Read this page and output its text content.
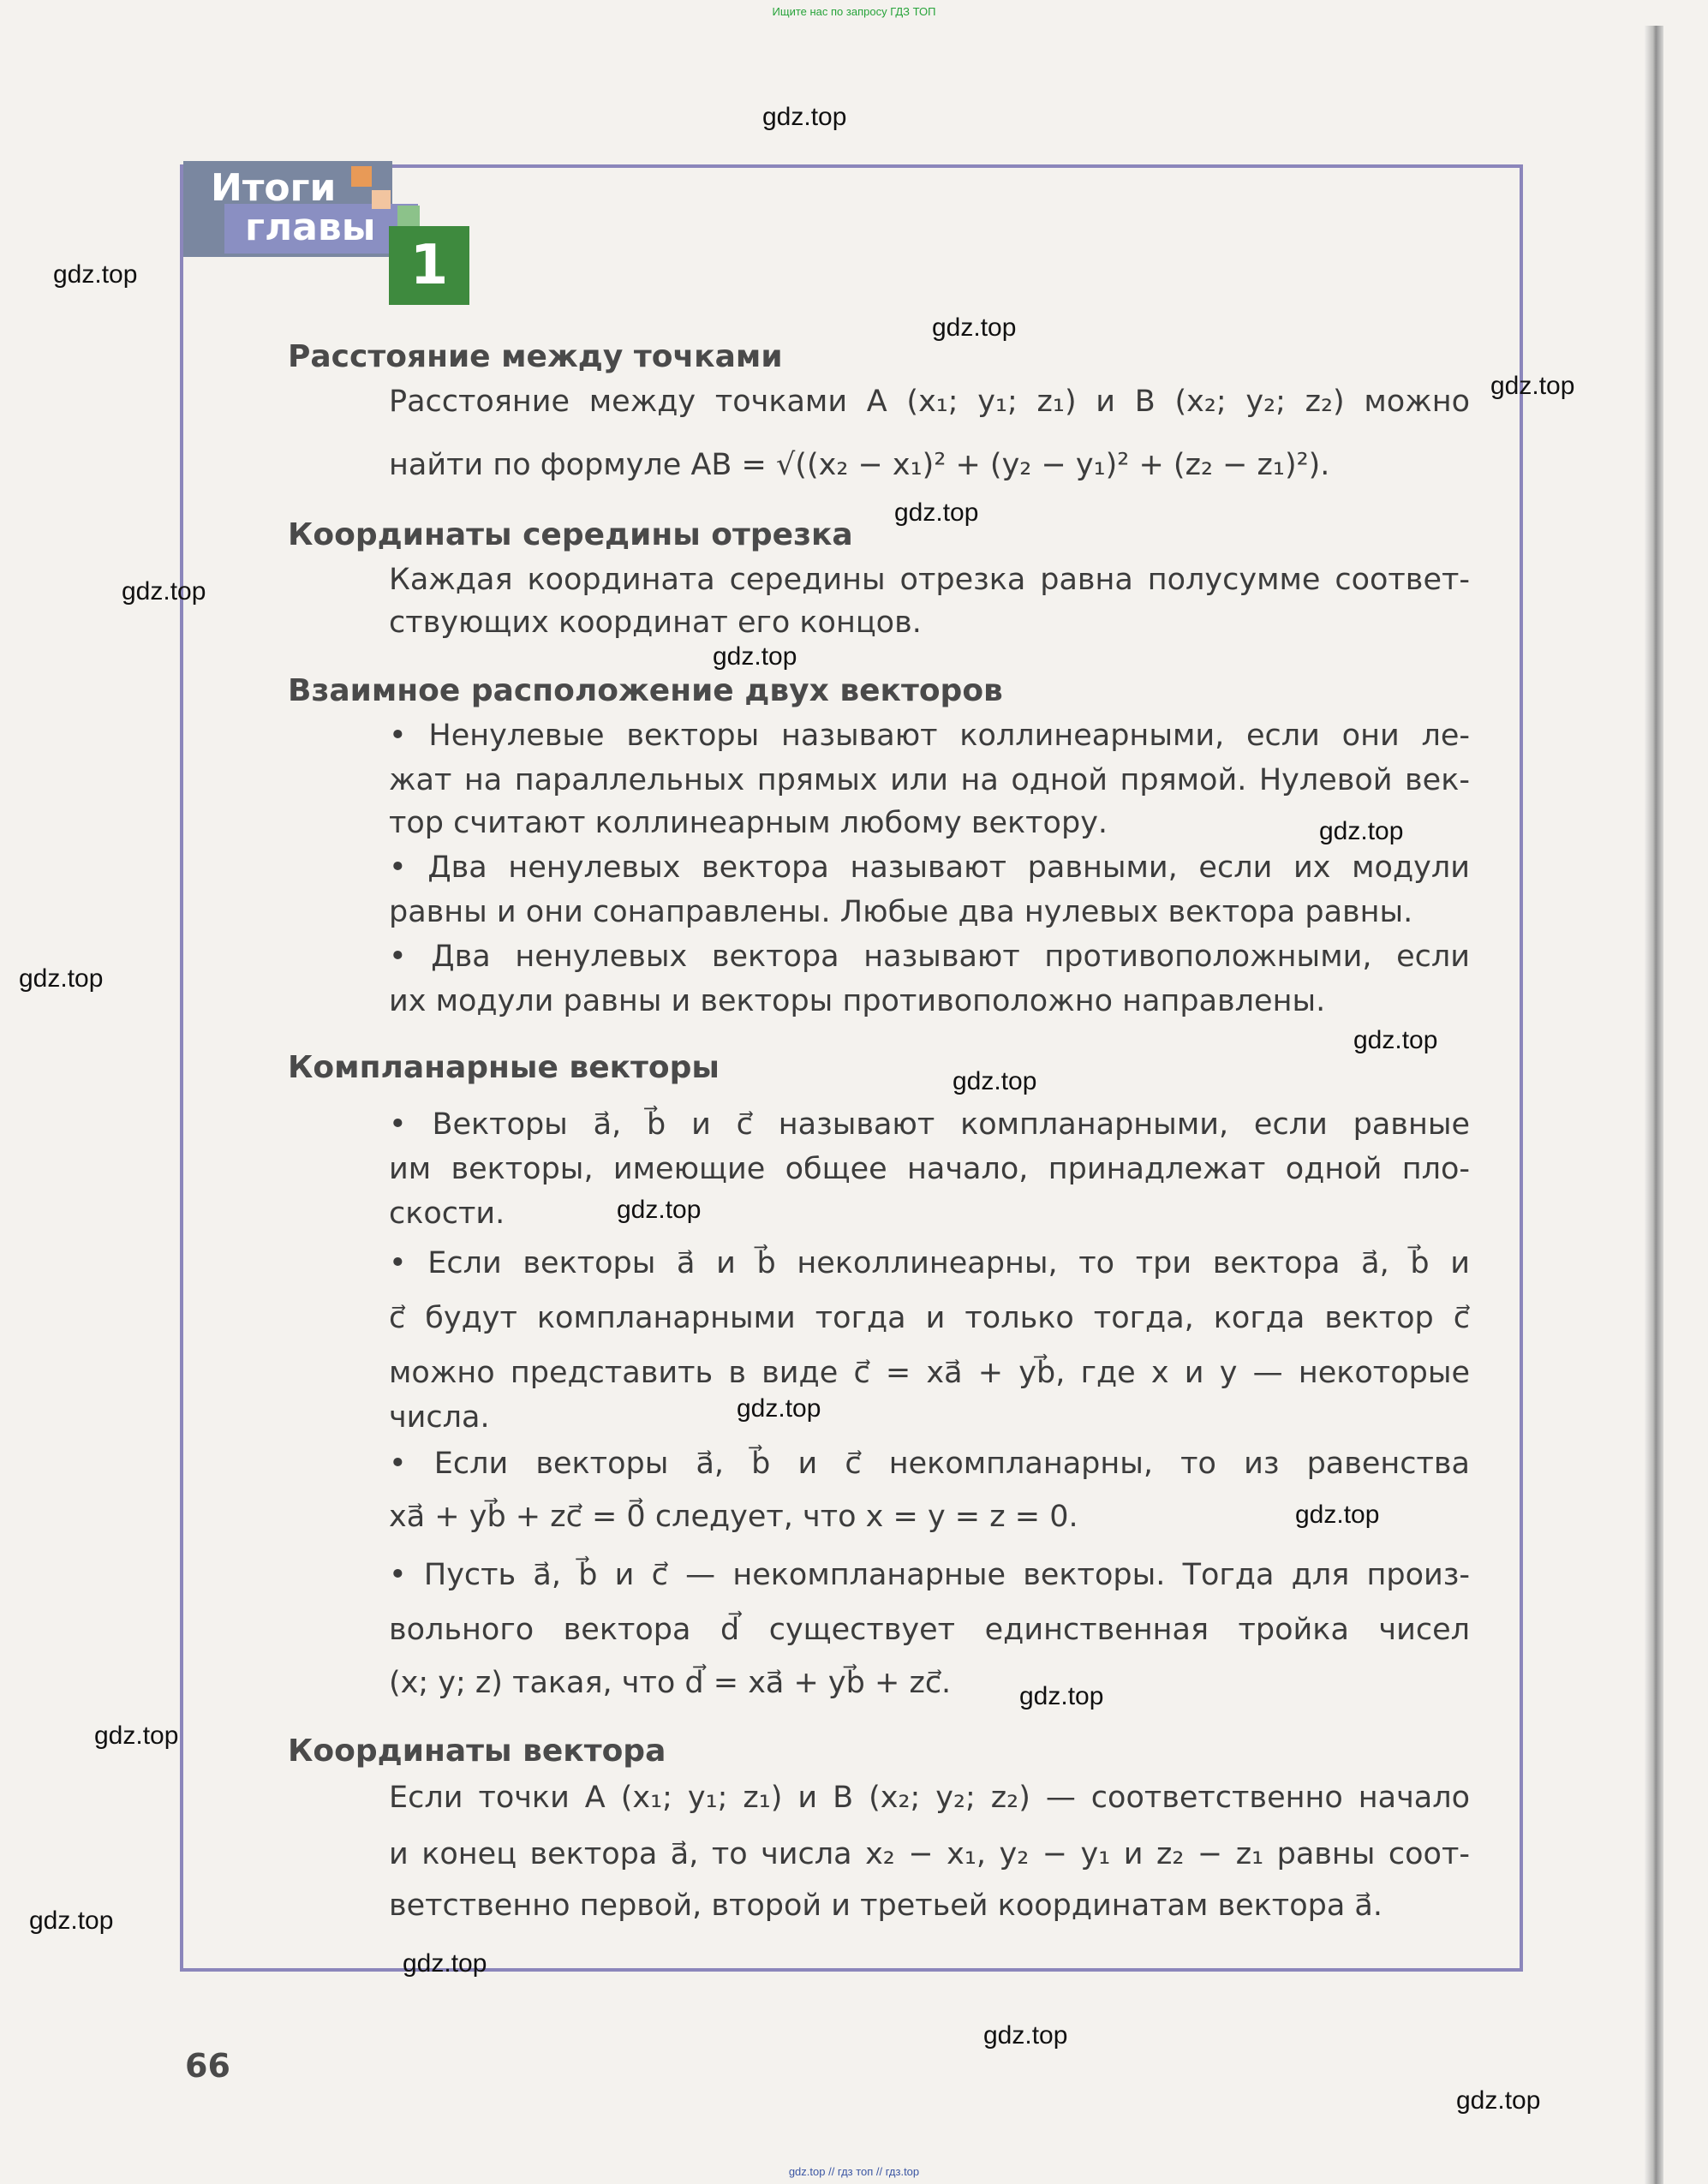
Ищите нас по запросу ГДЗ ТОП
1
Итоги
главы
Расстояние между точками
Расстояние между точками A (x₁; y₁; z₁) и B (x₂; y₂; z₂) можно
найти по формуле AB = √((x₂ − x₁)² + (y₂ − y₁)² + (z₂ − z₁)²).
Координаты середины отрезка
Каждая координата середины отрезка равна полусумме соответ-
ствующих координат его концов.
Взаимное расположение двух векторов
• Ненулевые векторы называют коллинеарными, если они ле-
жат на параллельных прямых или на одной прямой. Нулевой век-
тор считают коллинеарным любому вектору.
• Два ненулевых вектора называют равными, если их модули
равны и они сонаправлены. Любые два нулевых вектора равны.
• Два ненулевых вектора называют противоположными, если
их модули равны и векторы противоположно направлены.
Компланарные векторы
• Векторы a⃗, b⃗ и c⃗ называют компланарными, если равные
им векторы, имеющие общее начало, принадлежат одной пло-
скости.
• Если векторы a⃗ и b⃗ неколлинеарны, то три вектора a⃗, b⃗ и
c⃗ будут компланарными тогда и только тогда, когда вектор c⃗
можно представить в виде c⃗ = xa⃗ + yb⃗, где x и y — некоторые
числа.
• Если векторы a⃗, b⃗ и c⃗ некомпланарны, то из равенства
xa⃗ + yb⃗ + zc⃗ = 0⃗ следует, что x = y = z = 0.
• Пусть a⃗, b⃗ и c⃗ — некомпланарные векторы. Тогда для произ-
вольного вектора d⃗ существует единственная тройка чисел
(x; y; z) такая, что d⃗ = xa⃗ + yb⃗ + zc⃗.
Координаты вектора
Если точки A (x₁; y₁; z₁) и B (x₂; y₂; z₂) — соответственно начало
и конец вектора a⃗, то числа x₂ − x₁, y₂ − y₁ и z₂ − z₁ равны соот-
ветственно первой, второй и третьей координатам вектора a⃗.
66
gdz.top
gdz.top
gdz.top
gdz.top
gdz.top
gdz.top
gdz.top
gdz.top
gdz.top
gdz.top
gdz.top
gdz.top
gdz.top
gdz.top
gdz.top
gdz.top
gdz.top
gdz.top
gdz.top
gdz.top
gdz.top // гдз топ // гдз.top
